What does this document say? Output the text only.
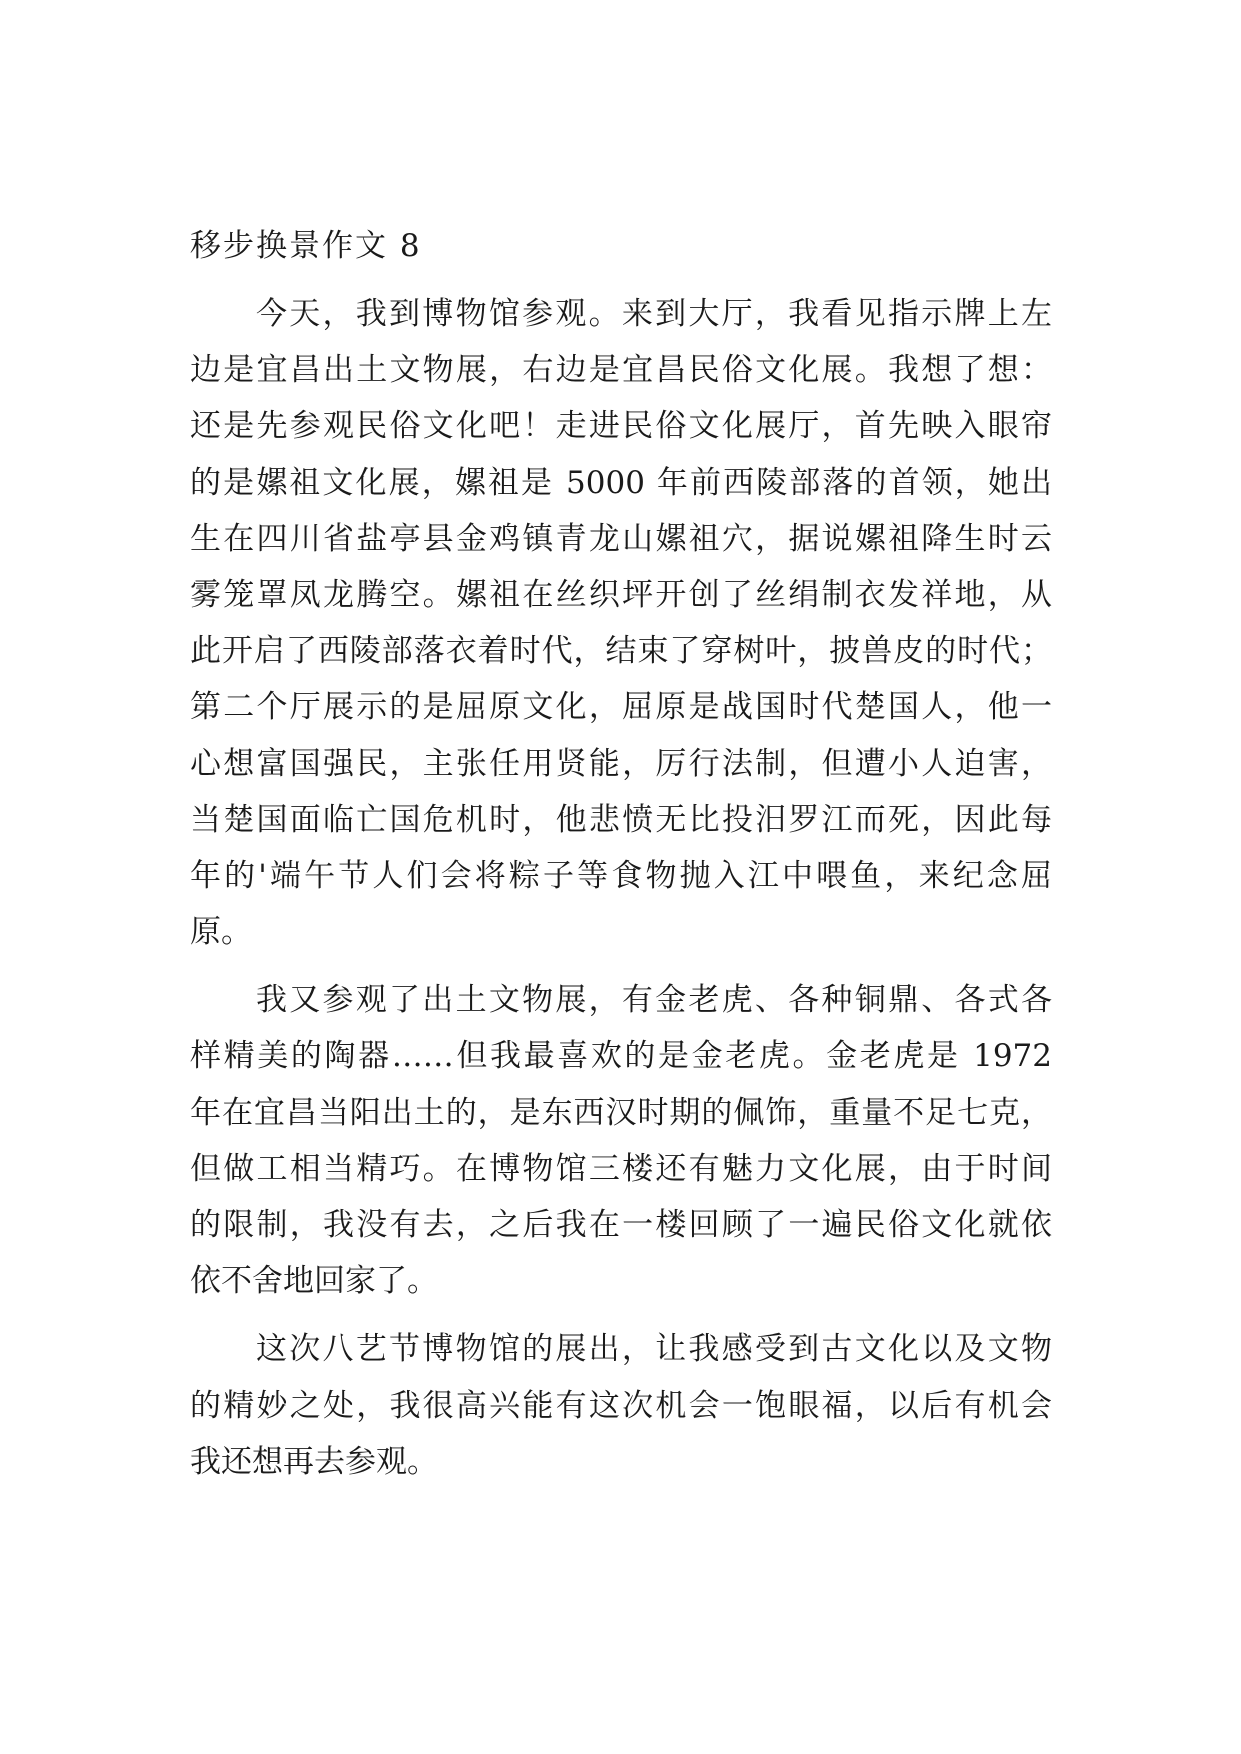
移步换景作文 8
今天，我到博物馆参观。来到大厅，我看见指示牌上左
边是宜昌出土文物展，右边是宜昌民俗文化展。我想了想：
还是先参观民俗文化吧！走进民俗文化展厅，首先映入眼帘
的是嫘祖文化展，嫘祖是 5000 年前西陵部落的首领，她出
生在四川省盐亭县金鸡镇青龙山嫘祖穴，据说嫘祖降生时云
雾笼罩凤龙腾空。嫘祖在丝织坪开创了丝绢制衣发祥地，从
此开启了西陵部落衣着时代，结束了穿树叶，披兽皮的时代；
第二个厅展示的是屈原文化，屈原是战国时代楚国人，他一
心想富国强民，主张任用贤能，厉行法制，但遭小人迫害，
当楚国面临亡国危机时，他悲愤无比投汨罗江而死，因此每
年的'端午节人们会将粽子等食物抛入江中喂鱼，来纪念屈
原。
我又参观了出土文物展，有金老虎、各种铜鼎、各式各
样精美的陶器……但我最喜欢的是金老虎。金老虎是 1972
年在宜昌当阳出土的，是东西汉时期的佩饰，重量不足七克，
但做工相当精巧。在博物馆三楼还有魅力文化展，由于时间
的限制，我没有去，之后我在一楼回顾了一遍民俗文化就依
依不舍地回家了。
这次八艺节博物馆的展出，让我感受到古文化以及文物
的精妙之处，我很高兴能有这次机会一饱眼福，以后有机会
我还想再去参观。
